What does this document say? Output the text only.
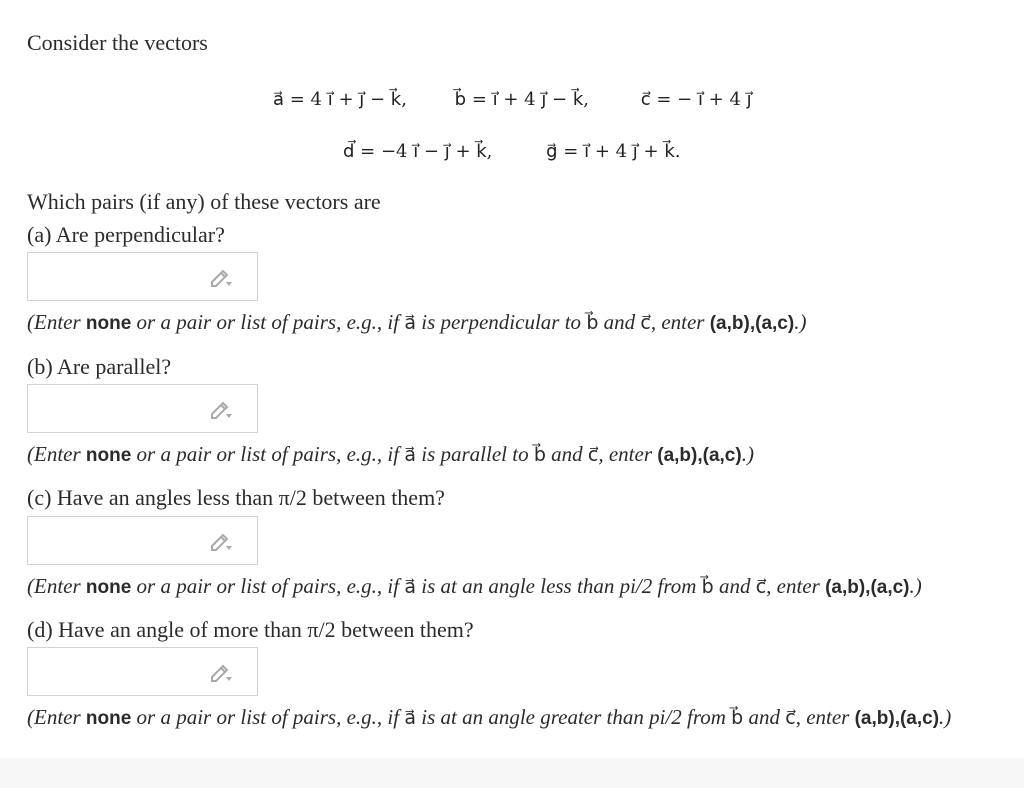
Consider the vectors
a⃗ = 4 i⃗ + j⃗ − k⃗,	b⃗ = i⃗ + 4 j⃗ − k⃗,	c⃗ = − i⃗ + 4 j⃗
d⃗ = −4 i⃗ − j⃗ + k⃗,	g⃗ = i⃗ + 4 j⃗ + k⃗.
Which pairs (if any) of these vectors are
(a) Are perpendicular?
(Enter none or a pair or list of pairs, e.g., if a⃗ is perpendicular to b⃗ and c⃗, enter (a,b),(a,c).)
(b) Are parallel?
(Enter none or a pair or list of pairs, e.g., if a⃗ is parallel to b⃗ and c⃗, enter (a,b),(a,c).)
(c) Have an angles less than π/2 between them?
(Enter none or a pair or list of pairs, e.g., if a⃗ is at an angle less than pi/2 from b⃗ and c⃗, enter (a,b),(a,c).)
(d) Have an angle of more than π/2 between them?
(Enter none or a pair or list of pairs, e.g., if a⃗ is at an angle greater than pi/2 from b⃗ and c⃗, enter (a,b),(a,c).)
